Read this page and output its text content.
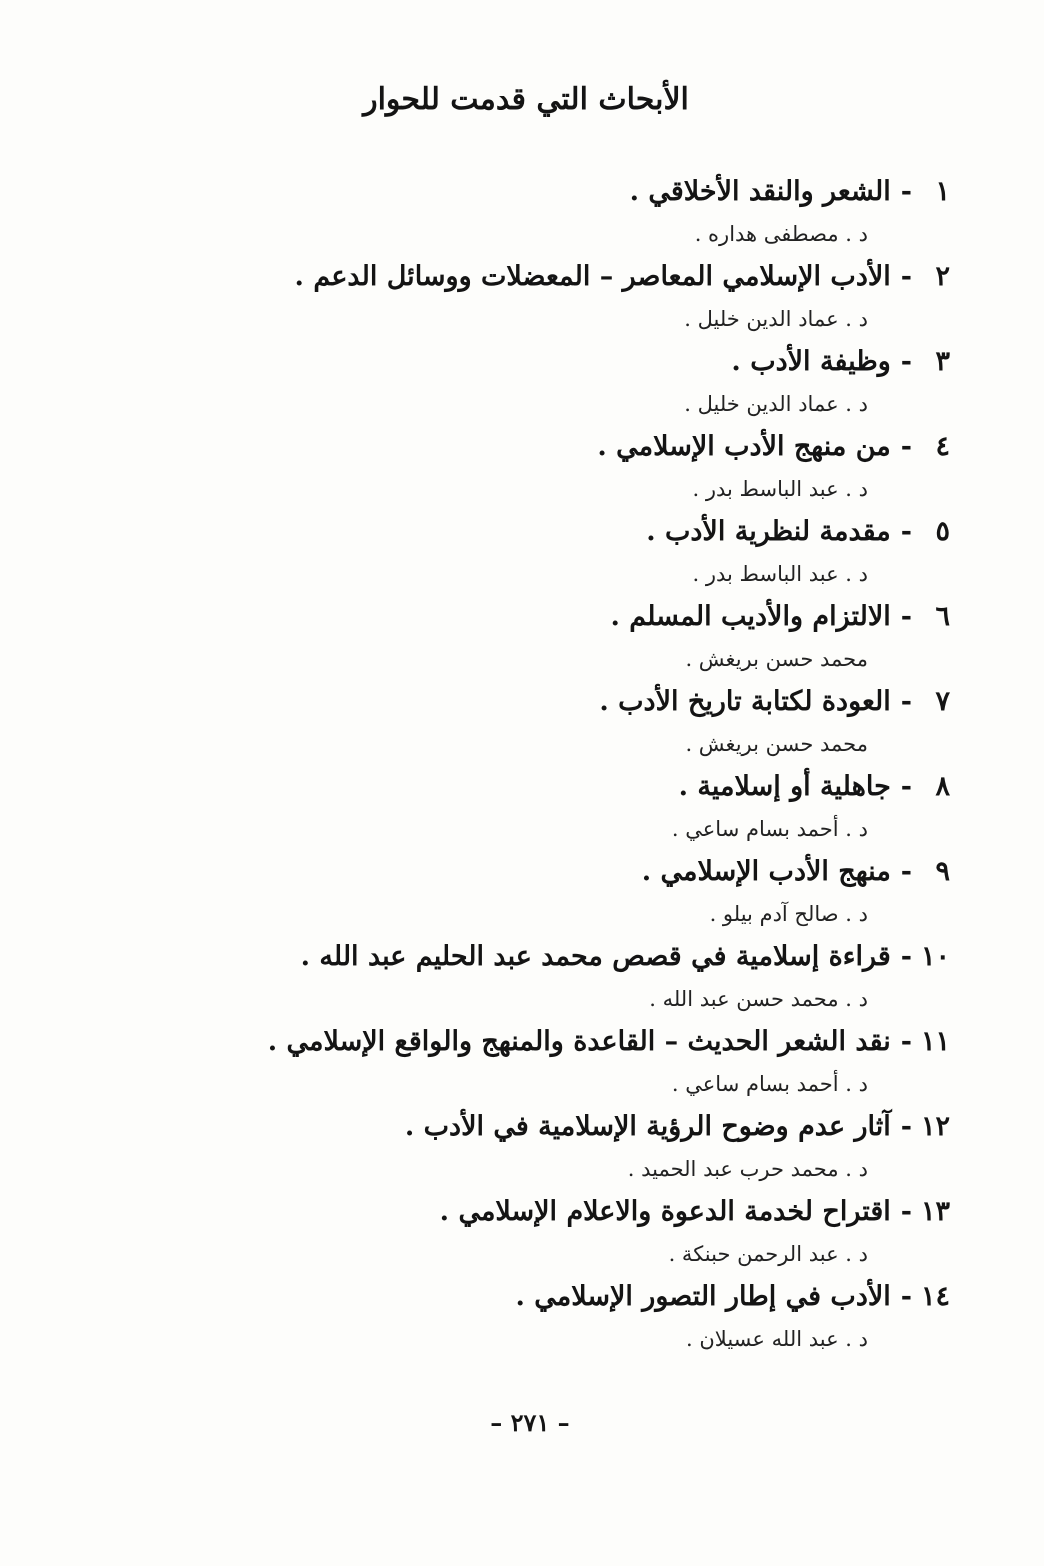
الأبحاث التي قدمت للحوار
١-الشعر والنقد الأخلاقي .
د . مصطفى هداره .
٢-الأدب الإسلامي المعاصر – المعضلات ووسائل الدعم .
د . عماد الدين خليل .
٣-وظيفة الأدب .
د . عماد الدين خليل .
٤-من منهج الأدب الإسلامي .
د . عبد الباسط بدر .
٥-مقدمة لنظرية الأدب .
د . عبد الباسط بدر .
٦-الالتزام والأديب المسلم .
محمد حسن بريغش .
٧-العودة لكتابة تاريخ الأدب .
محمد حسن بريغش .
٨-جاهلية أو إسلامية .
د . أحمد بسام ساعي .
٩-منهج الأدب الإسلامي .
د . صالح آدم بيلو .
١٠-قراءة إسلامية في قصص محمد عبد الحليم عبد الله .
د . محمد حسن عبد الله .
١١-نقد الشعر الحديث – القاعدة والمنهج والواقع الإسلامي .
د . أحمد بسام ساعي .
١٢-آثار عدم وضوح الرؤية الإسلامية في الأدب .
د . محمد حرب عبد الحميد .
١٣-اقتراح لخدمة الدعوة والاعلام الإسلامي .
د . عبد الرحمن حبنكة .
١٤-الأدب في إطار التصور الإسلامي .
د . عبد الله عسيلان .
– ٢٧١ –
